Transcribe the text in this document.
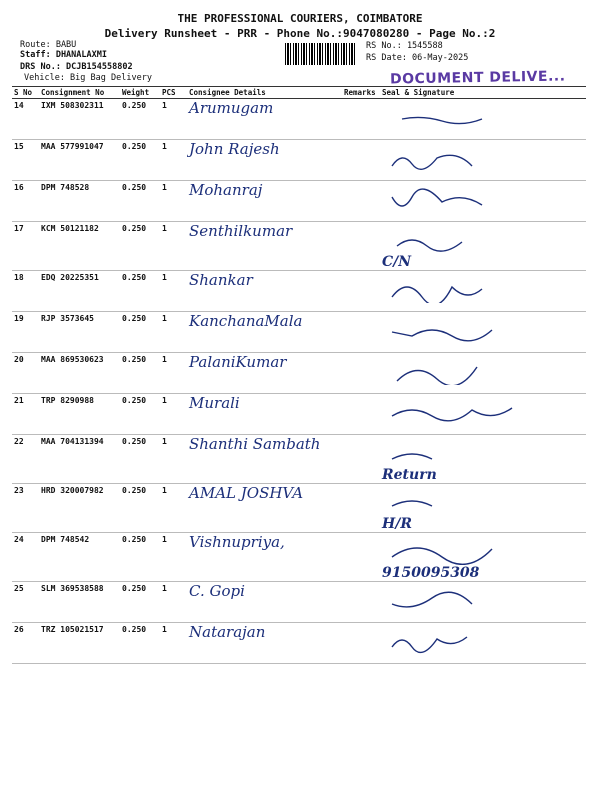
THE PROFESSIONAL COURIERS, COIMBATORE
Delivery Runsheet - PRR - Phone No.:9047080280 - Page No.:2
Route: BABU
Staff: DHANALAXMI
DRS No.: DCJB154558802
Vehicle: Big Bag Delivery
RS No.: 1545588
RS Date: 06-May-2025
DOCUMENT DELIVE...
S No	Consignment No	Weight	PCS	Consignee Details	Remarks	Seal & Signature
14	IXM 508302311	0.250	1	Arumugam		

15	MAA 577991047	0.250	1	John Rajesh		

16	DPM 748528	0.250	1	Mohanraj		

17	KCM 50121182	0.250	1	Senthilkumar		C/N
18	EDQ 20225351	0.250	1	Shankar		

19	RJP 3573645	0.250	1	KanchanaMala		

20	MAA 869530623	0.250	1	PalaniKumar		

21	TRP 8290988	0.250	1	Murali		

22	MAA 704131394	0.250	1	Shanthi Sambath		Return
23	HRD 320007982	0.250	1	AMAL JOSHVA		H/R
24	DPM 748542	0.250	1	Vishnupriya,		9150095308
25	SLM 369538588	0.250	1	C. Gopi		

26	TRZ 105021517	0.250	1	Natarajan		
